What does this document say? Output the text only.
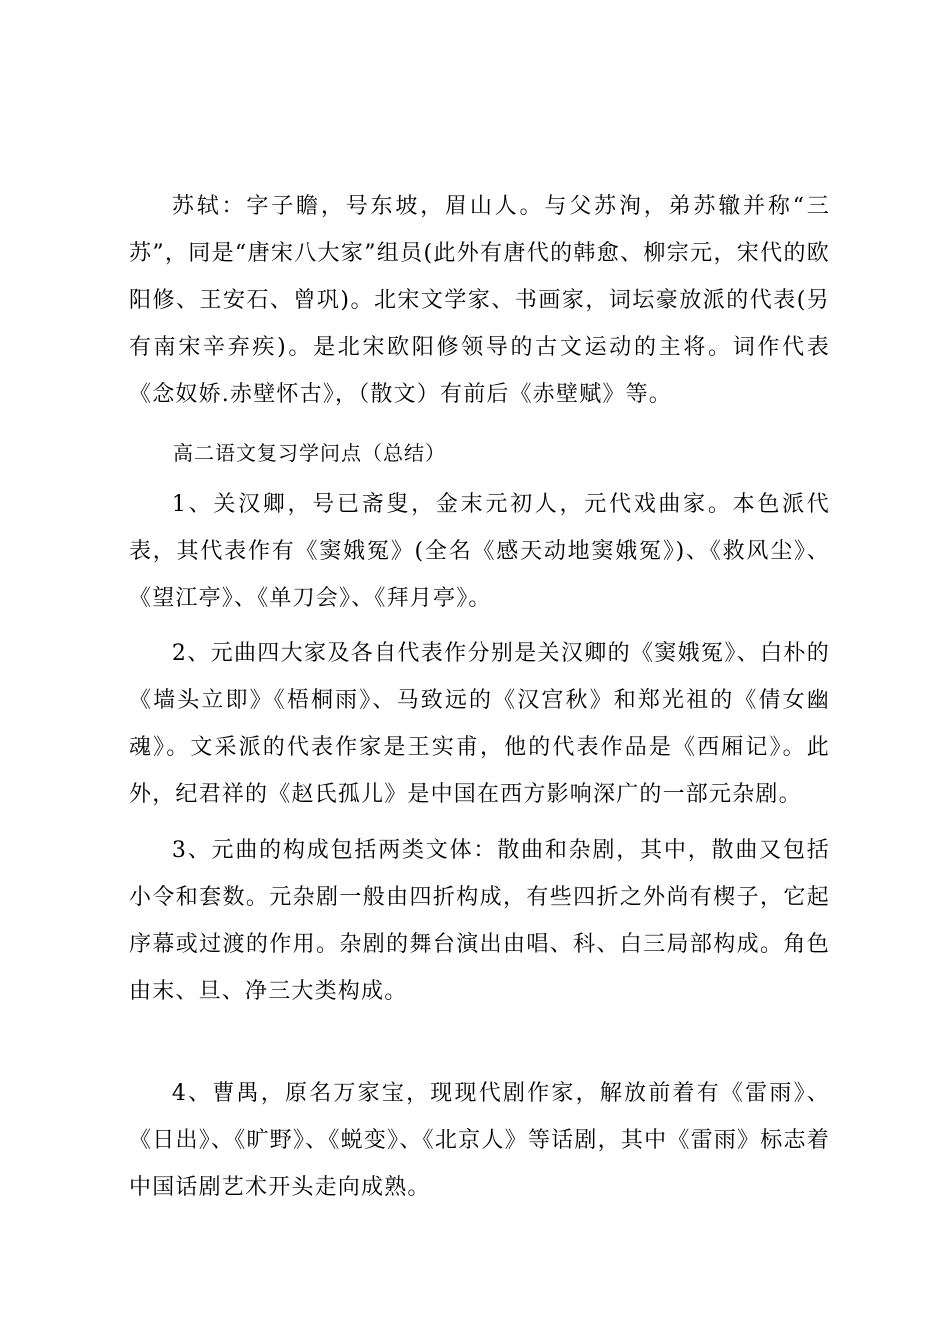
苏轼：字子瞻，号东坡，眉山人。与父苏洵，弟苏辙并称“三苏”，同是“唐宋八大家”组员(此外有唐代的韩愈、柳宗元，宋代的欧阳修、王安石、曾巩)。北宋文学家、书画家，词坛豪放派的代表(另有南宋辛弃疾)。是北宋欧阳修领导的古文运动的主将。词作代表《念奴娇.赤壁怀古》，（散文）有前后《赤壁赋》等。

高二语文复习学问点（总结）

1、关汉卿，号已斋叟，金末元初人，元代戏曲家。本色派代表，其代表作有《窦娥冤》(全名《感天动地窦娥冤》)、《救风尘》、《望江亭》、《单刀会》、《拜月亭》。

2、元曲四大家及各自代表作分别是关汉卿的《窦娥冤》、白朴的《墙头立即》《梧桐雨》、马致远的《汉宫秋》和郑光祖的《倩女幽魂》。文采派的代表作家是王实甫，他的代表作品是《西厢记》。此外，纪君祥的《赵氏孤儿》是中国在西方影响深广的一部元杂剧。

3、元曲的构成包括两类文体：散曲和杂剧，其中，散曲又包括小令和套数。元杂剧一般由四折构成，有些四折之外尚有楔子，它起序幕或过渡的作用。杂剧的舞台演出由唱、科、白三局部构成。角色由末、旦、净三大类构成。

4、曹禺，原名万家宝，现现代剧作家，解放前着有《雷雨》、《日出》、《旷野》、《蜕变》、《北京人》等话剧，其中《雷雨》标志着中国话剧艺术开头走向成熟。
